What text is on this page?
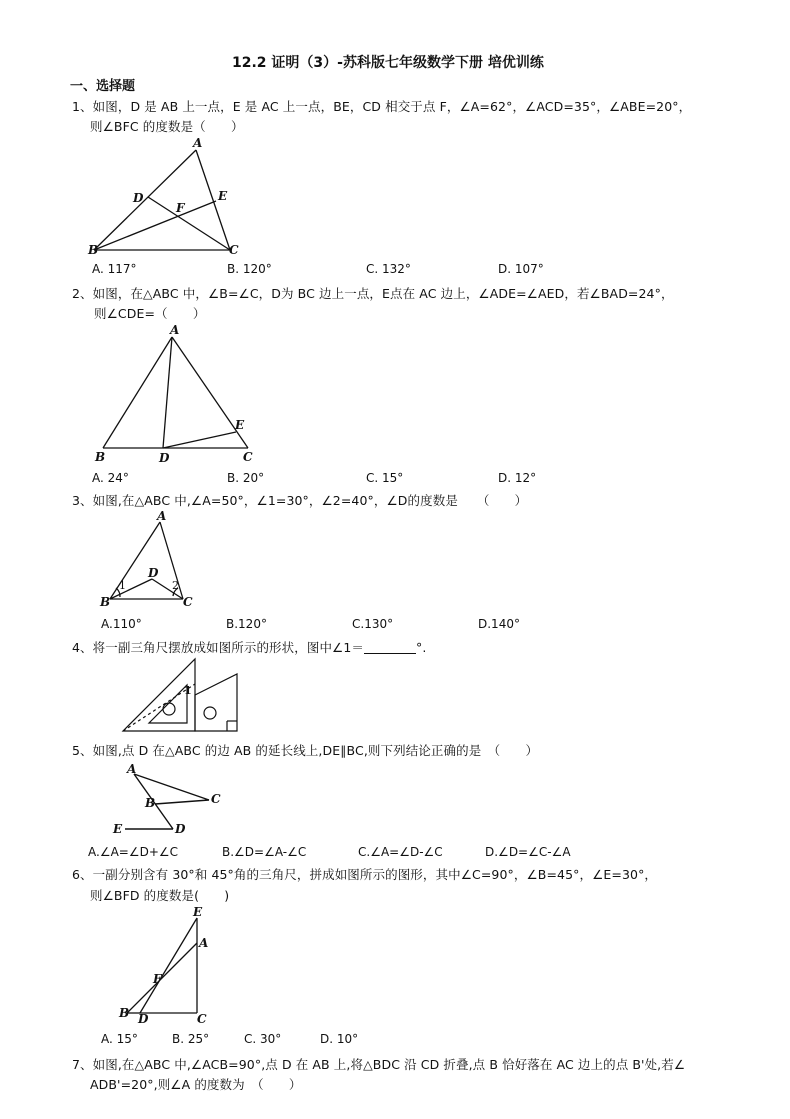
12.2 证明（3）-苏科版七年级数学下册 培优训练
一、选择题
1、如图，D 是 AB 上一点，E 是 AC 上一点，BE，CD 相交于点 F，∠A=62°，∠ACD=35°，∠ABE=20°，
则∠BFC 的度数是（　　）
A
D	E
F
B	C
A. 117°	B. 120°	C. 132°	D. 107°
2、如图，在△ABC 中，∠B=∠C，D为 BC 边上一点，E点在 AC 边上，∠ADE=∠AED，若∠BAD=24°，
则∠CDE=（　　）
A
E
B	D	C
A. 24°	B. 20°	C. 15°	D. 12°
3、如图,在△ABC 中,∠A=50°，∠1=30°，∠2=40°，∠D的度数是　　（　　）
A
D
1	2
B	C
A.110°	B.120°	C.130°	D.140°
4、将一副三角尺摆放成如图所示的形状，图中∠1＝	°.
1
5、如图,点 D 在△ABC 的边 AB 的延长线上,DE∥BC,则下列结论正确的是　（　　）
A
B	C
E	D
A.∠A=∠D+∠C	B.∠D=∠A-∠C	C.∠A=∠D-∠C	D.∠D=∠C-∠A
6、一副分别含有 30°和 45°角的三角尺，拼成如图所示的图形，其中∠C=90°，∠B=45°，∠E=30°，
则∠BFD 的度数是(　　)
E
A
F
B D	C
A. 15°	B. 25°	C. 30°	D. 10°
7、如图,在△ABC 中,∠ACB=90°,点 D 在 AB 上,将△BDC 沿 CD 折叠,点 B 恰好落在 AC 边上的点 B'处,若∠
ADB'=20°,则∠A 的度数为　（　　）
